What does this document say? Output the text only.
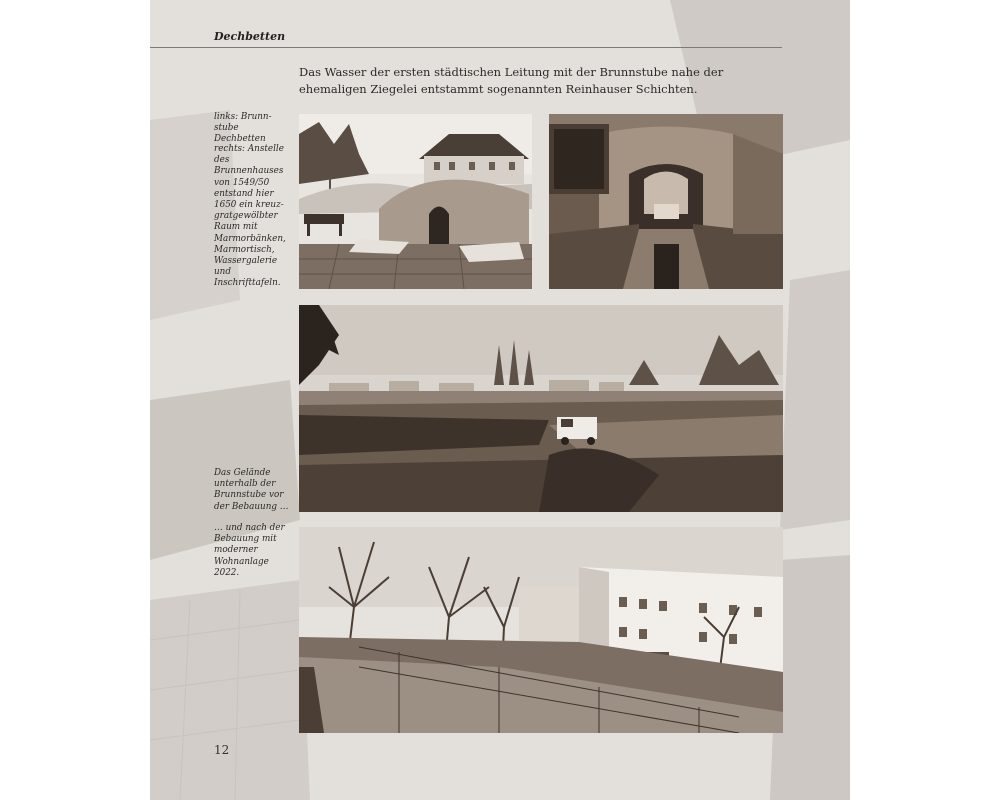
Dechbetten

Das Wasser der ersten städtischen Leitung mit der Brunnstube nahe der ehemaligen Ziegelei entstammt sogenannten Reinhauser Schichten.

links: Brunnstube Dechbetten
rechts: Anstelle des Brunnenhauses von 1549/50 entstand hier 1650 ein kreuzgratgewölbter Raum mit Marmorbänken, Marmortisch, Wassergalerie und Inschrifttafeln.
Das Gelände unterhalb der Brunnstube vor der Bebauung …
… und nach der Bebauung mit moderner Wohnanlage 2022.
12
